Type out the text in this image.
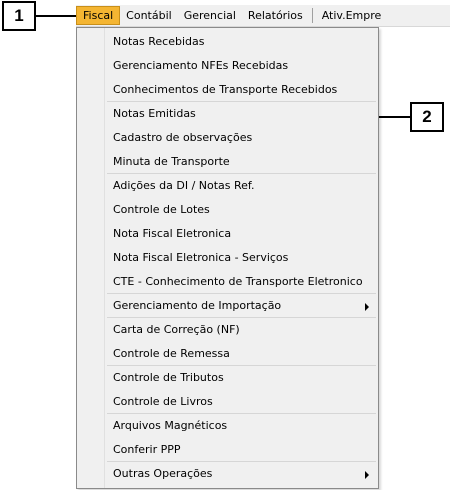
1
2
Fiscal	Contábil	Gerencial	Relatórios	Ativ.Empre
Notas Recebidas
Gerenciamento NFEs Recebidas
Conhecimentos de Transporte Recebidos
Notas Emitidas
Cadastro de observações
Minuta de Transporte
Adições da DI / Notas Ref.
Controle de Lotes
Nota Fiscal Eletronica
Nota Fiscal Eletronica - Serviços
CTE - Conhecimento de Transporte Eletronico
Gerenciamento de Importação
Carta de Correção (NF)
Controle de Remessa
Controle de Tributos
Controle de Livros
Arquivos Magnéticos
Conferir PPP
Outras Operações
